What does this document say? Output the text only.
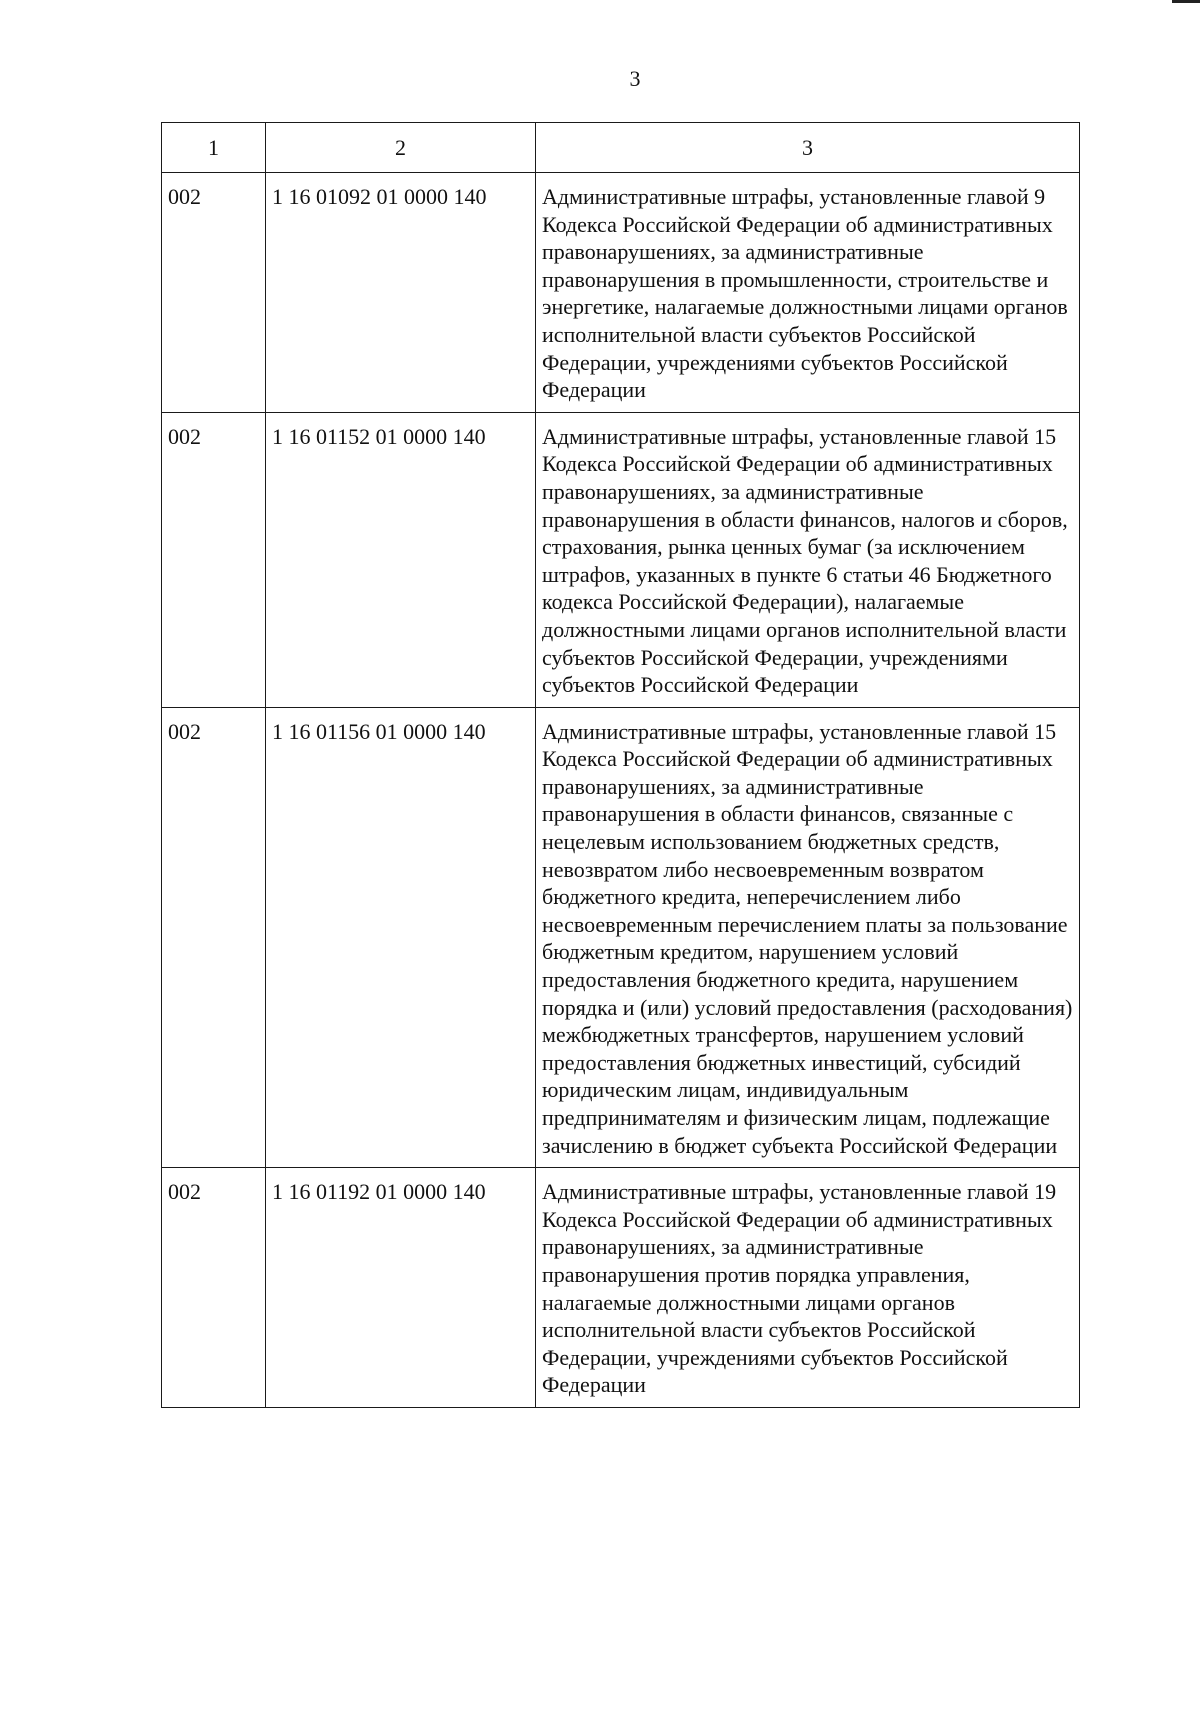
3
1	2	3
002	1 16 01092 01 0000 140	Административные штрафы, установленные главой 9 Кодекса Российской Федерации об административных правонарушениях, за административные правонарушения в промышленности, строительстве и энергетике, налагаемые должностными лицами органов исполнительной власти субъектов Российской Федерации, учреждениями субъектов Российской Федерации
002	1 16 01152 01 0000 140	Административные штрафы, установленные главой 15 Кодекса Российской Федерации об административных правонарушениях, за административные правонарушения в области финансов, налогов и сборов, страхования, рынка ценных бумаг (за исключением штрафов, указанных в пункте 6 статьи 46 Бюджетного кодекса Российской Федерации), налагаемые должностными лицами органов исполнительной власти субъектов Российской Федерации, учреждениями субъектов Российской Федерации
002	1 16 01156 01 0000 140	Административные штрафы, установленные главой 15 Кодекса Российской Федерации об административных правонарушениях, за административные правонарушения в области финансов, связанные с нецелевым использованием бюджетных средств, невозвратом либо несвоевременным возвратом бюджетного кредита, неперечислением либо несвоевременным перечислением платы за пользование бюджетным кредитом, нарушением условий предоставления бюджетного кредита, нарушением порядка и (или) условий предоставления (расходования) межбюджетных трансфертов, нарушением условий предоставления бюджетных инвестиций, субсидий юридическим лицам, индивидуальным предпринимателям и физическим лицам, подлежащие зачислению в бюджет субъекта Российской Федерации
002	1 16 01192 01 0000 140	Административные штрафы, установленные главой 19 Кодекса Российской Федерации об административных правонарушениях, за административные правонарушения против порядка управления, налагаемые должностными лицами органов исполнительной власти субъектов Российской Федерации, учреждениями субъектов Российской Федерации
